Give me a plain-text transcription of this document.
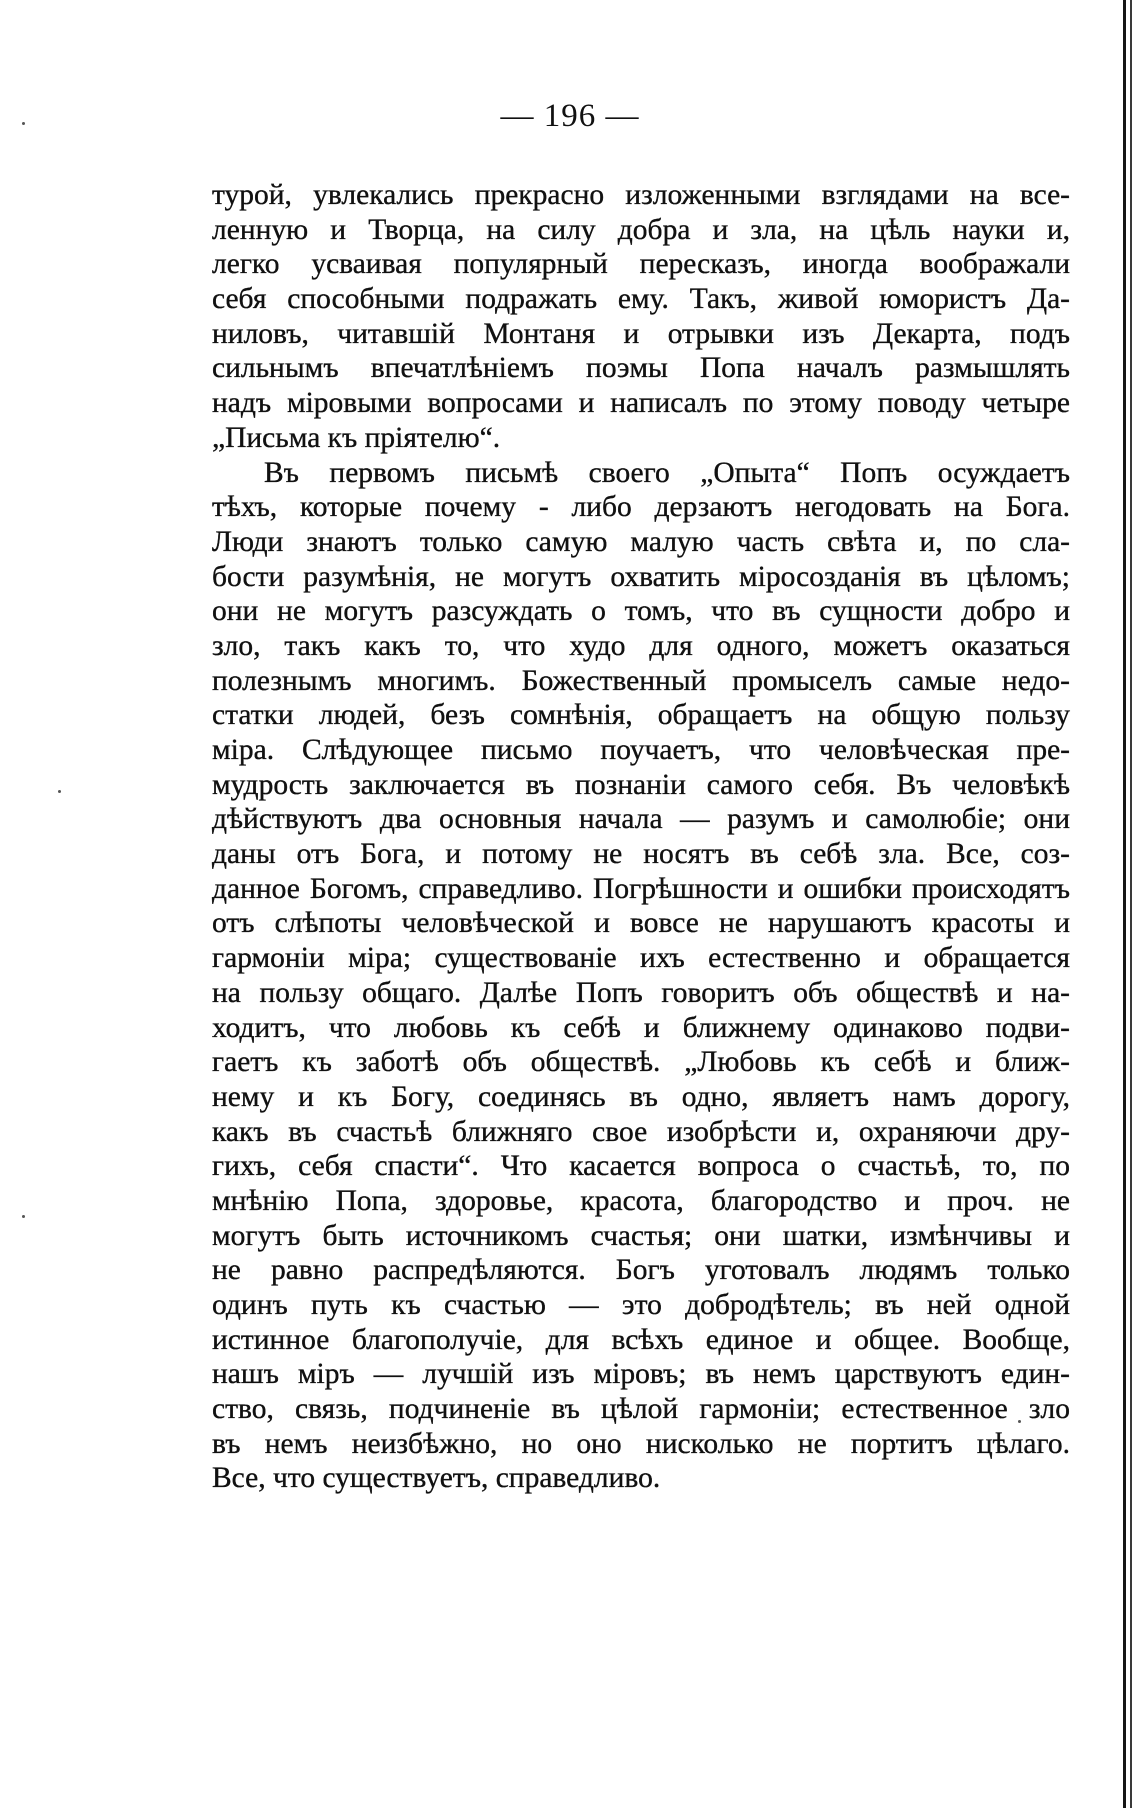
— 196 —
турой, увлекались прекрасно изложенными взглядами на все-
ленную и Творца, на силу добра и зла, на цѣль науки и,
легко усваивая популярный пересказъ, иногда воображали
себя способными подражать ему. Такъ, живой юмористъ Да-
ниловъ, читавшій Монтаня и отрывки изъ Декарта, подъ
сильнымъ впечатлѣніемъ поэмы Попа началъ размышлять
надъ міровыми вопросами и написалъ по этому поводу четыре
„Письма къ пріятелю“.
Въ первомъ письмѣ своего „Опыта“ Попъ осуждаетъ
тѣхъ, которые почему - либо дерзаютъ негодовать на Бога.
Люди знаютъ только самую малую часть свѣта и, по сла-
бости разумѣнія, не могутъ охватить міросозданія въ цѣломъ;
они не могутъ разсуждать о томъ, что въ сущности добро и
зло, такъ какъ то, что худо для одного, можетъ оказаться
полезнымъ многимъ. Божественный промыселъ самые недо-
статки людей, безъ сомнѣнія, обращаетъ на общую пользу
міра. Слѣдующее письмо поучаетъ, что человѣческая пре-
мудрость заключается въ познаніи самого себя. Въ человѣкѣ
дѣйствуютъ два основныя начала — разумъ и самолюбіе; они
даны отъ Бога, и потому не носятъ въ себѣ зла. Все, соз-
данное Богомъ, справедливо. Погрѣшности и ошибки происходятъ
отъ слѣпоты человѣческой и вовсе не нарушаютъ красоты и
гармоніи міра; существованіе ихъ естественно и обращается
на пользу общаго. Далѣе Попъ говоритъ объ обществѣ и на-
ходитъ, что любовь къ себѣ и ближнему одинаково подви-
гаетъ къ заботѣ объ обществѣ. „Любовь къ себѣ и ближ-
нему и къ Богу, соединясь въ одно, являетъ намъ дорогу,
какъ въ счастьѣ ближняго свое изобрѣсти и, охраняючи дру-
гихъ, себя спасти“. Что касается вопроса о счастьѣ, то, по
мнѣнію Попа, здоровье, красота, благородство и проч. не
могутъ быть источникомъ счастья; они шатки, измѣнчивы и
не равно распредѣляются. Богъ уготовалъ людямъ только
одинъ путь къ счастью — это добродѣтель; въ ней одной
истинное благополучіе, для всѣхъ единое и общее. Вообще,
нашъ міръ — лучшій изъ міровъ; въ немъ царствуютъ един-
ство, связь, подчиненіе въ цѣлой гармоніи; естественное зло
въ немъ неизбѣжно, но оно нисколько не портитъ цѣлаго.
Все, что существуетъ, справедливо.
